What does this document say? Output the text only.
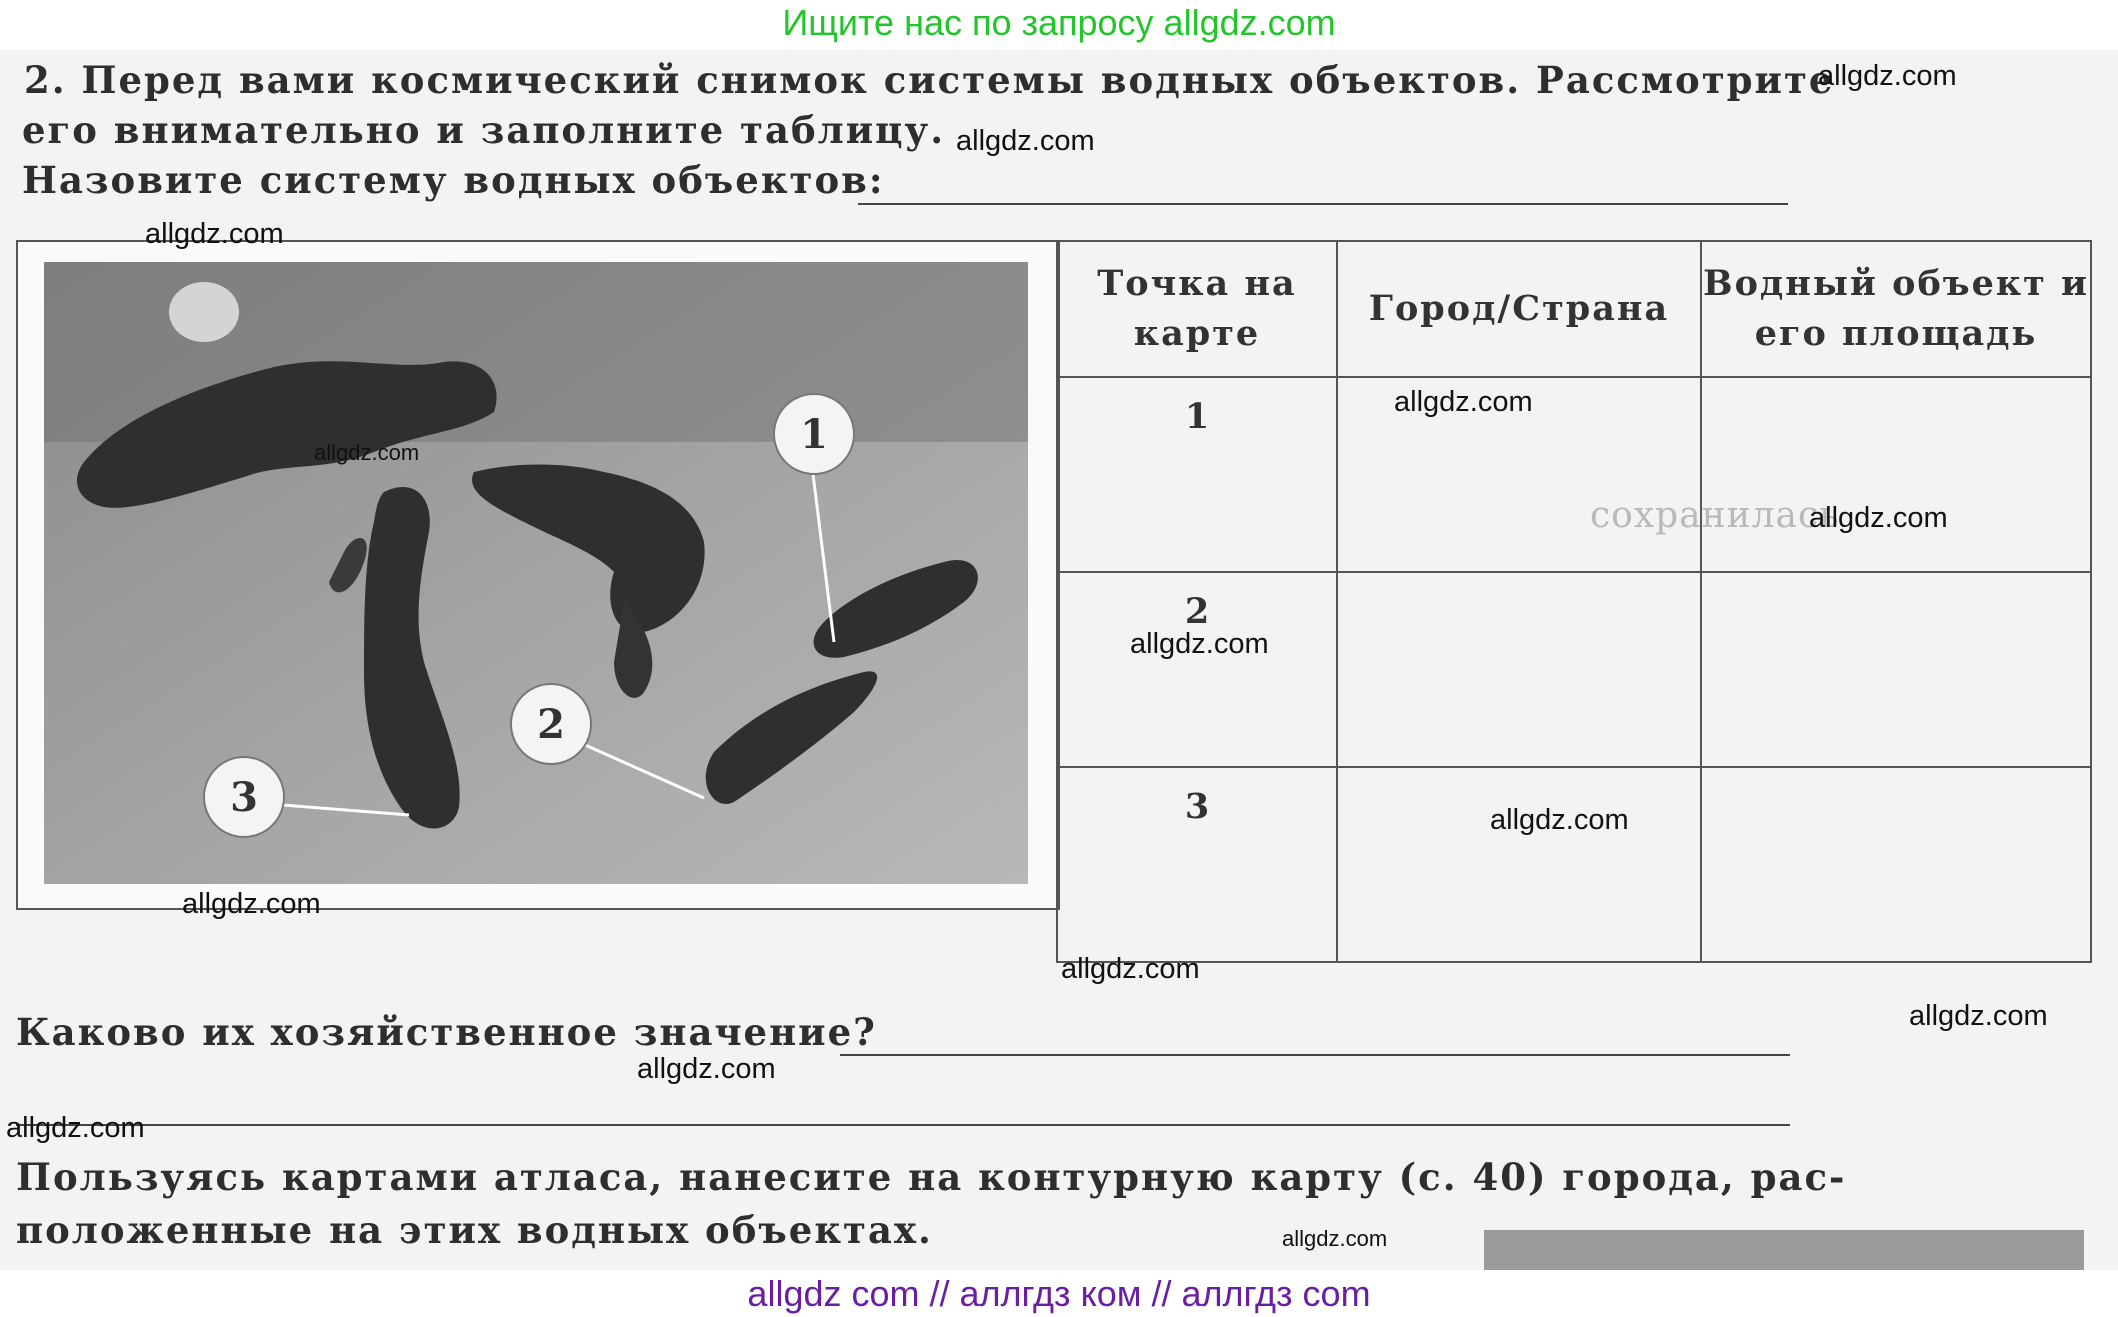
Ищите нас по запросу allgdz.com
сохранилась
2. Перед вами космический снимок системы водных объектов. Рассмотрите
его внимательно и заполните таблицу.
Назовите систему водных объектов:
1
2
3
Точка на карте	Город/Страна	Водный объект и его площадь
1		
2		
3		
Каково их хозяйственное значение?
Пользуясь картами атласа, нанесите на контурную карту (с. 40) города, рас-
положенные на этих водных объектах.
allgdz.com
allgdz.com
allgdz.com
allgdz.com
allgdz.com
allgdz.com
allgdz.com
allgdz.com
allgdz.com
allgdz.com
allgdz.com
allgdz.com
allgdz.com
allgdz.com
allgdz com // аллгдз ком // аллгдз com
